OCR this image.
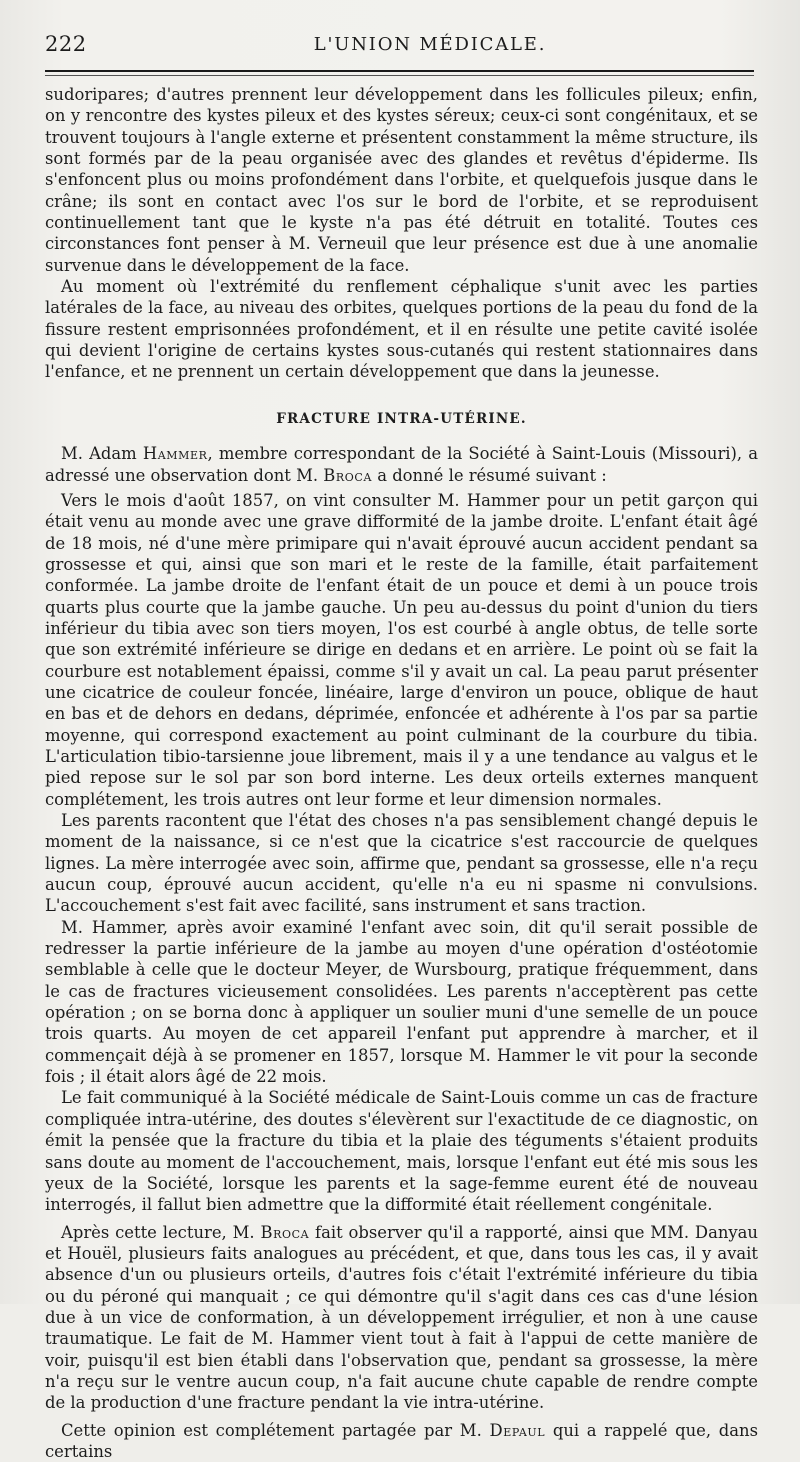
222	L'UNION MÉDICALE.

sudoripares; d'autres prennent leur développement dans les follicules pileux; enfin, on y rencontre des kystes pileux et des kystes séreux; ceux-ci sont congénitaux, et se trouvent toujours à l'angle externe et présentent constamment la même structure, ils sont formés par de la peau organisée avec des glandes et revêtus d'épiderme. Ils s'enfoncent plus ou moins profondément dans l'orbite, et quelquefois jusque dans le crâne; ils sont en contact avec l'os sur le bord de l'orbite, et se reproduisent continuellement tant que le kyste n'a pas été détruit en totalité. Toutes ces circonstances font penser à M. Verneuil que leur présence est due à une anomalie survenue dans le développement de la face.

Au moment où l'extrémité du renflement céphalique s'unit avec les parties latérales de la face, au niveau des orbites, quelques portions de la peau du fond de la fissure restent emprisonnées profondément, et il en résulte une petite cavité isolée qui devient l'origine de certains kystes sous-cutanés qui restent stationnaires dans l'enfance, et ne prennent un certain développement que dans la jeunesse.

FRACTURE INTRA-UTÉRINE.

M. Adam Hammer, membre correspondant de la Société à Saint-Louis (Missouri), a adressé une observation dont M. Broca a donné le résumé suivant :

Vers le mois d'août 1857, on vint consulter M. Hammer pour un petit garçon qui était venu au monde avec une grave difformité de la jambe droite. L'enfant était âgé de 18 mois, né d'une mère primipare qui n'avait éprouvé aucun accident pendant sa grossesse et qui, ainsi que son mari et le reste de la famille, était parfaitement conformée. La jambe droite de l'enfant était de un pouce et demi à un pouce trois quarts plus courte que la jambe gauche. Un peu au-dessus du point d'union du tiers inférieur du tibia avec son tiers moyen, l'os est courbé à angle obtus, de telle sorte que son extrémité inférieure se dirige en dedans et en arrière. Le point où se fait la courbure est notablement épaissi, comme s'il y avait un cal. La peau parut présenter une cicatrice de couleur foncée, linéaire, large d'environ un pouce, oblique de haut en bas et de dehors en dedans, déprimée, enfoncée et adhérente à l'os par sa partie moyenne, qui correspond exactement au point culminant de la courbure du tibia. L'articulation tibio-tarsienne joue librement, mais il y a une tendance au valgus et le pied repose sur le sol par son bord interne. Les deux orteils externes manquent complétement, les trois autres ont leur forme et leur dimension normales.

Les parents racontent que l'état des choses n'a pas sensiblement changé depuis le moment de la naissance, si ce n'est que la cicatrice s'est raccourcie de quelques lignes. La mère interrogée avec soin, affirme que, pendant sa grossesse, elle n'a reçu aucun coup, éprouvé aucun accident, qu'elle n'a eu ni spasme ni convulsions. L'accouchement s'est fait avec facilité, sans instrument et sans traction.

M. Hammer, après avoir examiné l'enfant avec soin, dit qu'il serait possible de redresser la partie inférieure de la jambe au moyen d'une opération d'ostéotomie semblable à celle que le docteur Meyer, de Wursbourg, pratique fréquemment, dans le cas de fractures vicieusement consolidées. Les parents n'acceptèrent pas cette opération ; on se borna donc à appliquer un soulier muni d'une semelle de un pouce trois quarts. Au moyen de cet appareil l'enfant put apprendre à marcher, et il commençait déjà à se promener en 1857, lorsque M. Hammer le vit pour la seconde fois ; il était alors âgé de 22 mois.

Le fait communiqué à la Société médicale de Saint-Louis comme un cas de fracture compliquée intra-utérine, des doutes s'élevèrent sur l'exactitude de ce diagnostic, on émit la pensée que la fracture du tibia et la plaie des téguments s'étaient produits sans doute au moment de l'accouchement, mais, lorsque l'enfant eut été mis sous les yeux de la Société, lorsque les parents et la sage-femme eurent été de nouveau interrogés, il fallut bien admettre que la difformité était réellement congénitale.

Après cette lecture, M. Broca fait observer qu'il a rapporté, ainsi que MM. Danyau et Houël, plusieurs faits analogues au précédent, et que, dans tous les cas, il y avait absence d'un ou plusieurs orteils, d'autres fois c'était l'extrémité inférieure du tibia ou du péroné qui manquait ; ce qui démontre qu'il s'agit dans ces cas d'une lésion due à un vice de conformation, à un développement irrégulier, et non à une cause traumatique. Le fait de M. Hammer vient tout à fait à l'appui de cette manière de voir, puisqu'il est bien établi dans l'observation que, pendant sa grossesse, la mère n'a reçu sur le ventre aucun coup, n'a fait aucune chute capable de rendre compte de la production d'une fracture pendant la vie intra-utérine.

Cette opinion est complétement partagée par M. Depaul qui a rappelé que, dans certains
